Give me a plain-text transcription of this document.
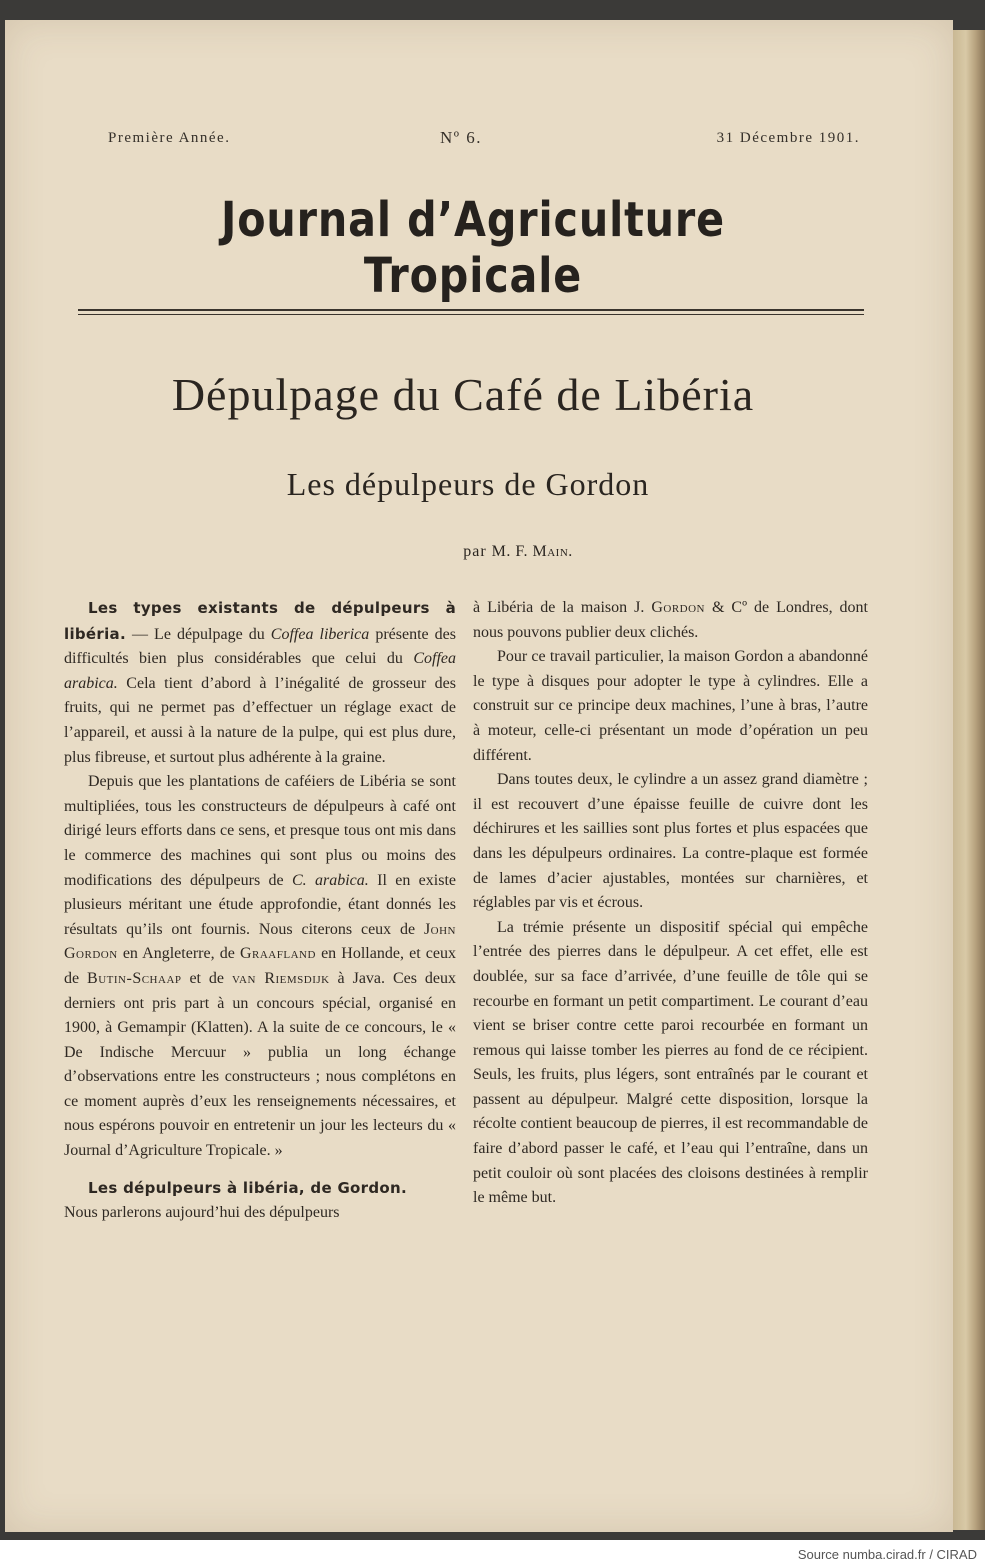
Première Année.	Nº 6.	31 Décembre 1901.
Journal d’Agriculture Tropicale
Dépulpage du Café de Libéria
Les dépulpeurs de Gordon
par M. F. Main.

Les types existants de dépulpeurs à libéria. — Le dépulpage du Coffea liberica présente des difficultés bien plus considérables que celui du Coffea arabica. Cela tient d’abord à l’inégalité de grosseur des fruits, qui ne permet pas d’effectuer un réglage exact de l’appareil, et aussi à la nature de la pulpe, qui est plus dure, plus fibreuse, et surtout plus adhérente à la graine.

Depuis que les plantations de caféiers de Libéria se sont multipliées, tous les constructeurs de dépulpeurs à café ont dirigé leurs efforts dans ce sens, et presque tous ont mis dans le commerce des machines qui sont plus ou moins des modifications des dépulpeurs de C. arabica. Il en existe plusieurs méritant une étude approfondie, étant donnés les résultats qu’ils ont fournis. Nous citerons ceux de John Gordon en Angleterre, de Graafland en Hollande, et ceux de Butin-Schaap et de van Riemsdijk à Java. Ces deux derniers ont pris part à un concours spécial, organisé en 1900, à Gemampir (Klatten). A la suite de ce concours, le « De Indische Mercuur » publia un long échange d’observations entre les constructeurs ; nous complétons en ce moment auprès d’eux les renseignements nécessaires, et nous espérons pouvoir en entretenir un jour les lecteurs du « Journal d’Agriculture Tropicale. »

Les dépulpeurs à libéria, de Gordon.
Nous parlerons aujourd’hui des dépulpeurs

à Libéria de la maison J. Gordon & Cº de Londres, dont nous pouvons publier deux clichés.

Pour ce travail particulier, la maison Gordon a abandonné le type à disques pour adopter le type à cylindres. Elle a construit sur ce principe deux machines, l’une à bras, l’autre à moteur, celle-ci présentant un mode d’opération un peu différent.

Dans toutes deux, le cylindre a un assez grand diamètre ; il est recouvert d’une épaisse feuille de cuivre dont les déchirures et les saillies sont plus fortes et plus espacées que dans les dépulpeurs ordinaires. La contre-plaque est formée de lames d’acier ajustables, montées sur charnières, et réglables par vis et écrous.

La trémie présente un dispositif spécial qui empêche l’entrée des pierres dans le dépulpeur. A cet effet, elle est doublée, sur sa face d’arrivée, d’une feuille de tôle qui se recourbe en formant un petit compartiment. Le courant d’eau vient se briser contre cette paroi recourbée en formant un remous qui laisse tomber les pierres au fond de ce récipient. Seuls, les fruits, plus légers, sont entraînés par le courant et passent au dépulpeur. Malgré cette disposition, lorsque la récolte contient beaucoup de pierres, il est recommandable de faire d’abord passer le café, et l’eau qui l’entraîne, dans un petit couloir où sont placées des cloisons destinées à remplir le même but.

Source numba.cirad.fr / CIRAD
